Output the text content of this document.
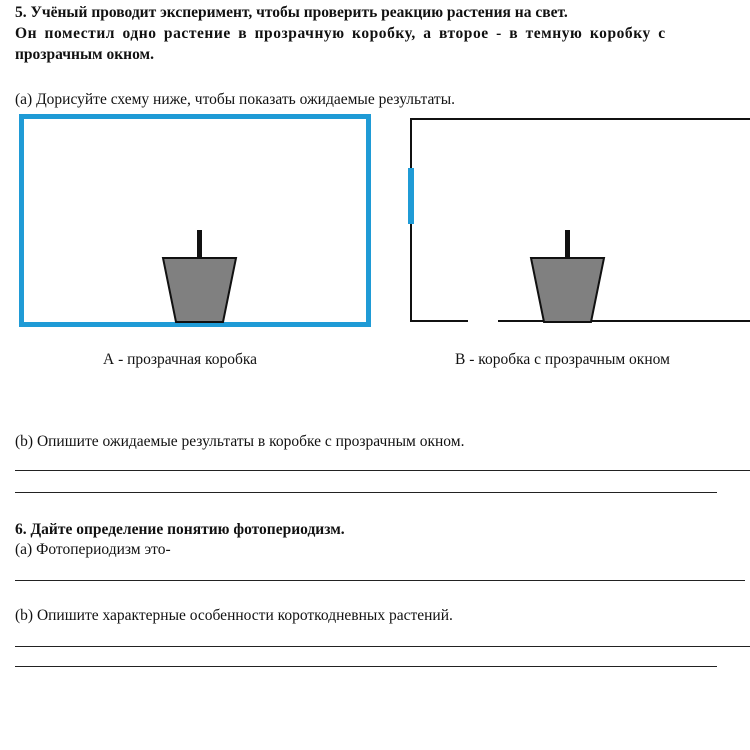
5. Учёный проводит эксперимент, чтобы проверить реакцию растения на свет.
Он поместил одно растение в прозрачную коробку, а второе - в темную коробку с
прозрачным окном.
(а) Дорисуйте схему ниже, чтобы показать ожидаемые результаты.
А - прозрачная коробка	В - коробка с прозрачным окном
(b) Опишите ожидаемые результаты в коробке с прозрачным окном.
6. Дайте определение понятию фотопериодизм.
(а) Фотопериодизм это-
(b) Опишите характерные особенности короткодневных растений.
